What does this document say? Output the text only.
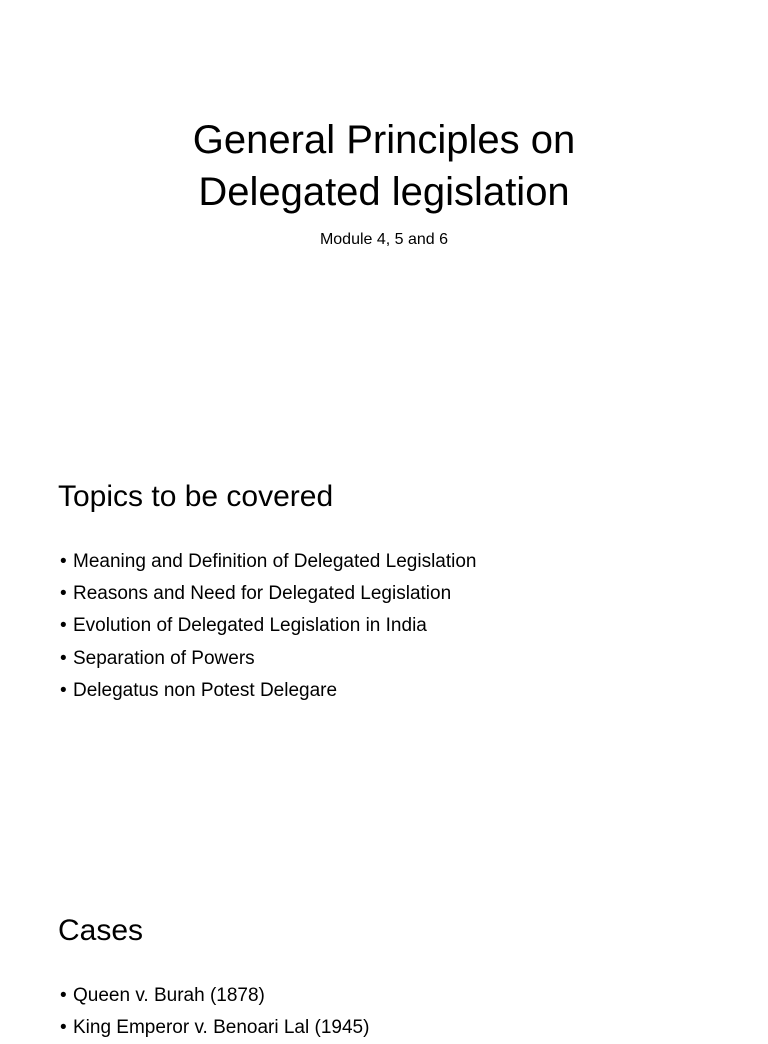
General Principles on
Delegated legislation

Module 4, 5 and 6

Topics to be covered
• Meaning and Definition of Delegated Legislation
• Reasons and Need for Delegated Legislation
• Evolution of Delegated Legislation in India
• Separation of Powers
• Delegatus non Potest Delegare
Cases
• Queen v. Burah (1878)
• King Emperor v. Benoari Lal (1945)
